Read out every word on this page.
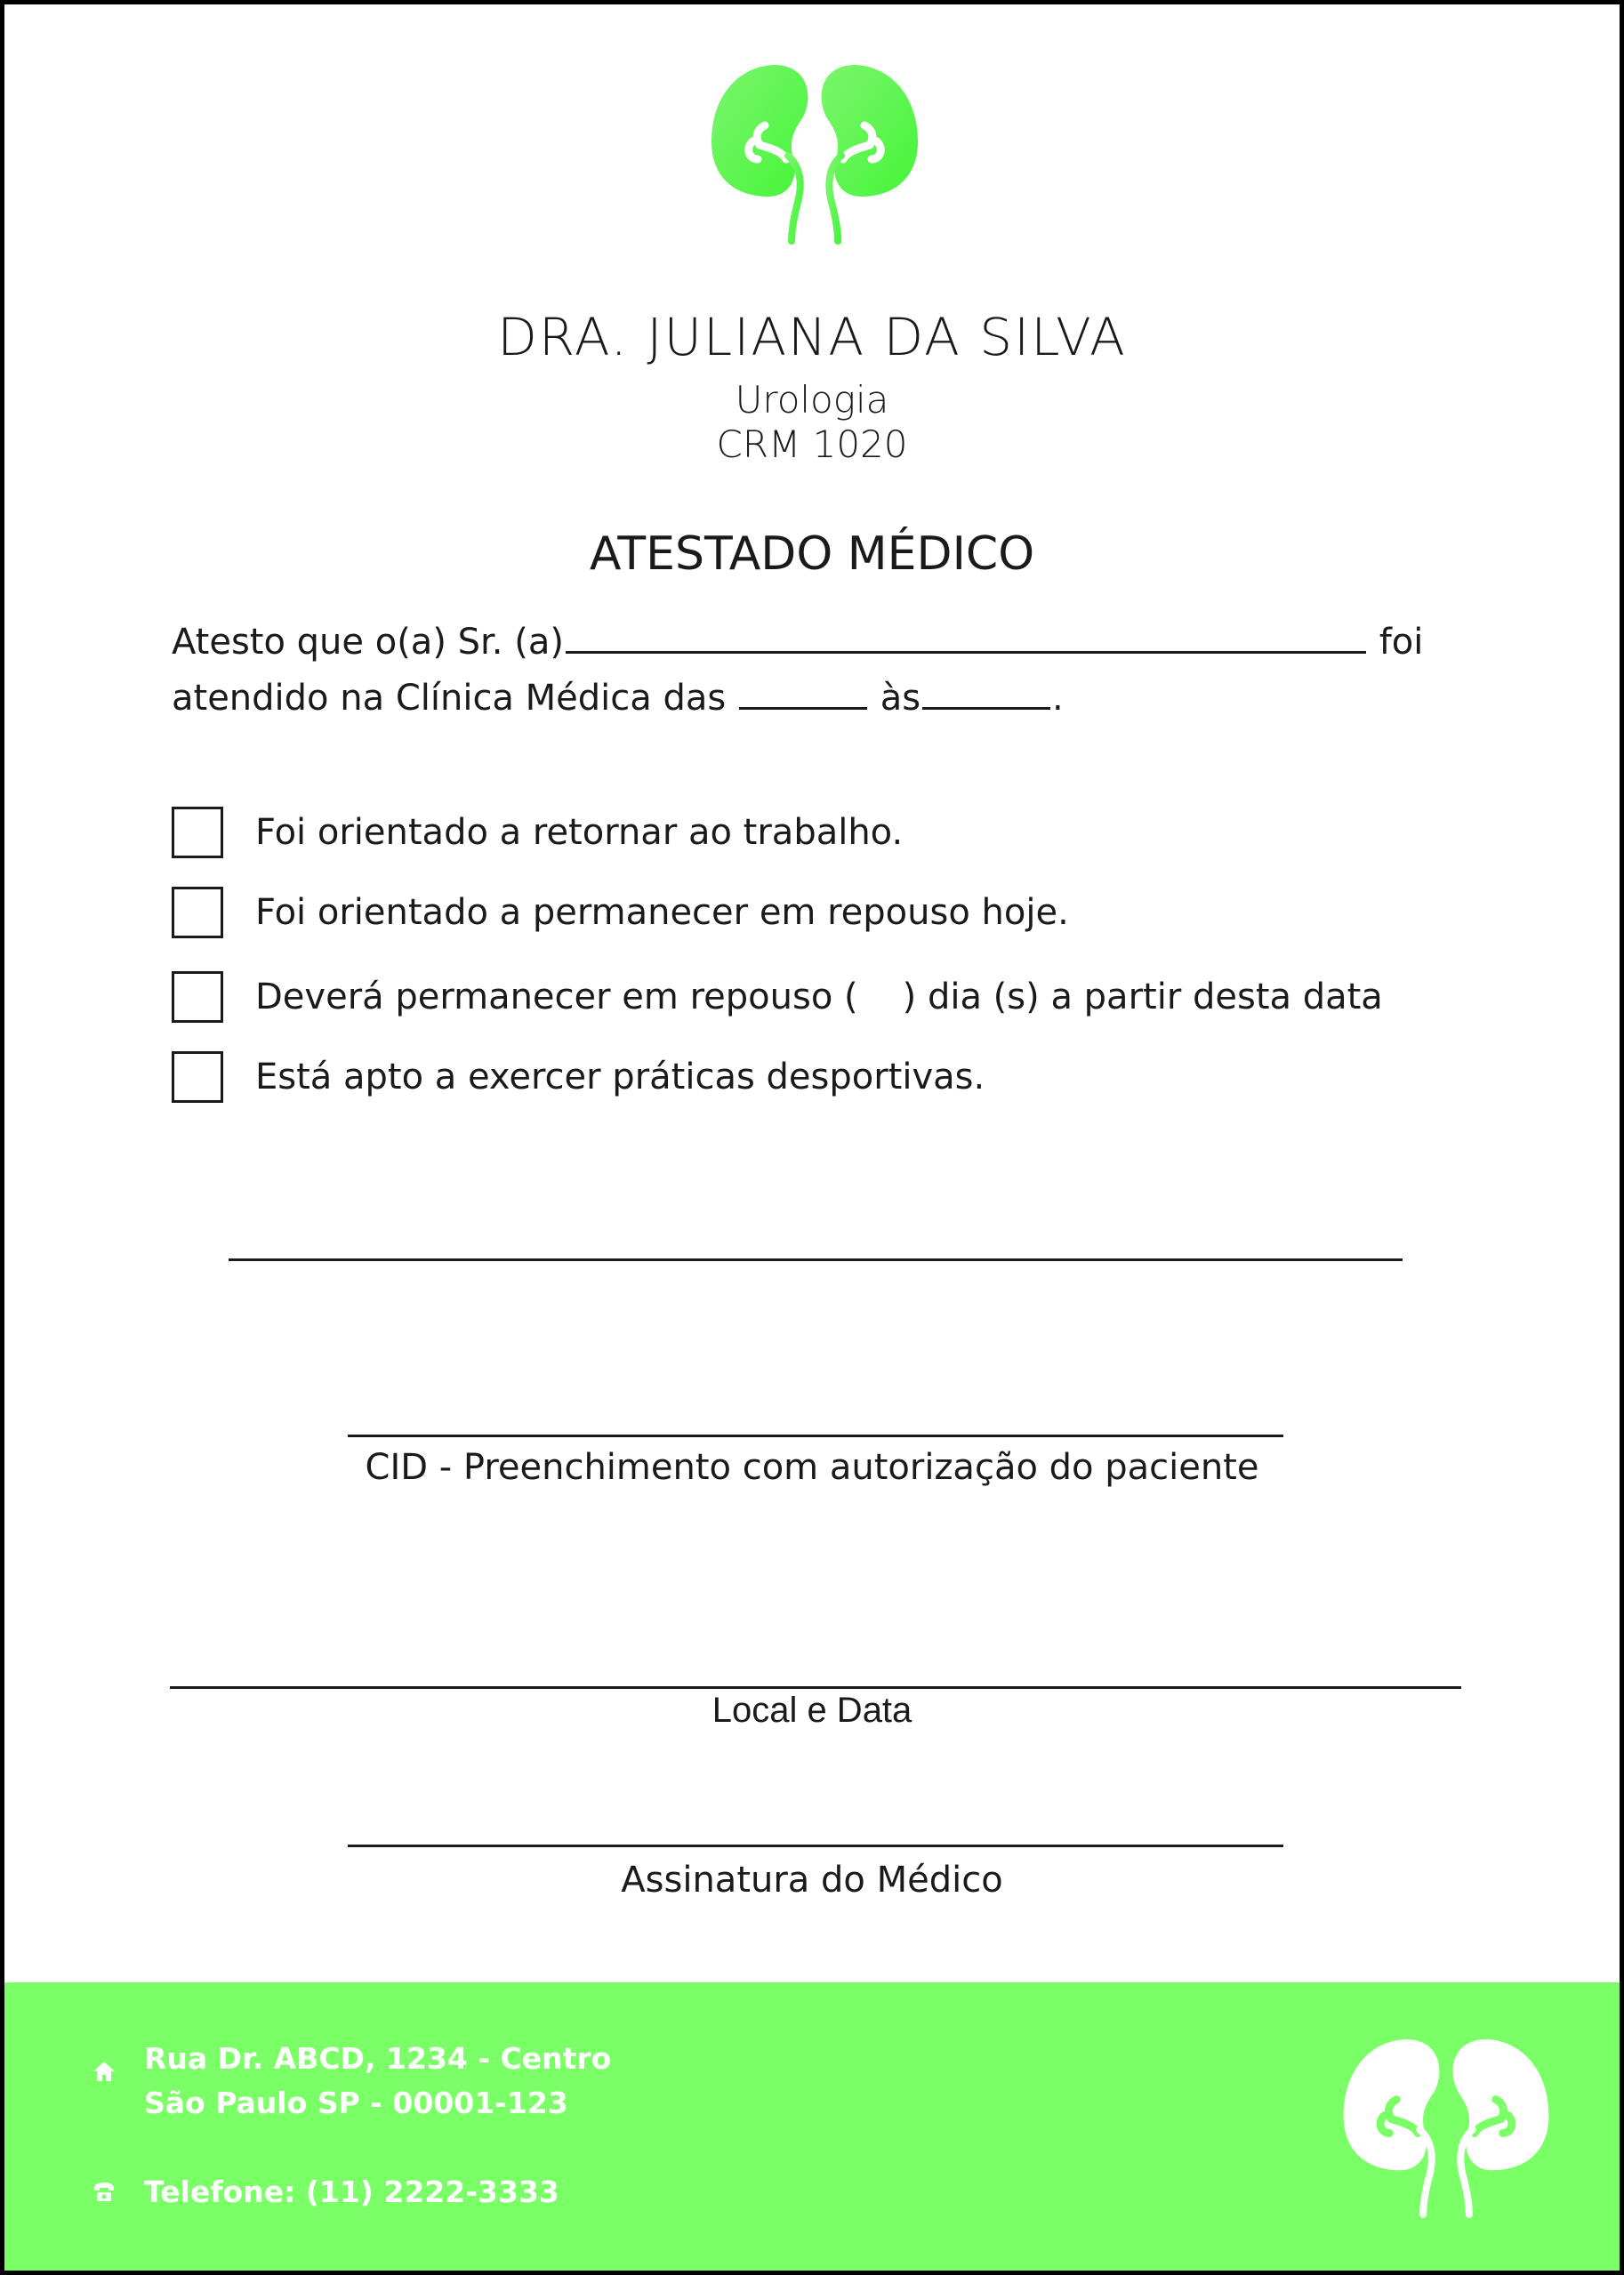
DRA. JULIANA DA SILVA
Urologia
CRM 1020
ATESTADO MÉDICO
Atesto que o(a) Sr. (a)	foi
atendido na Clínica Médica das	às	.
Foi orientado a retornar ao trabalho.
Foi orientado a permanecer em repouso hoje.
Deverá permanecer em repouso ( ) dia (s) a partir desta data
Está apto a exercer práticas desportivas.
CID - Preenchimento com autorização do paciente
Local e Data
Assinatura do Médico
Rua Dr. ABCD, 1234 - Centro
São Paulo SP - 00001-123
Telefone: (11) 2222-3333
